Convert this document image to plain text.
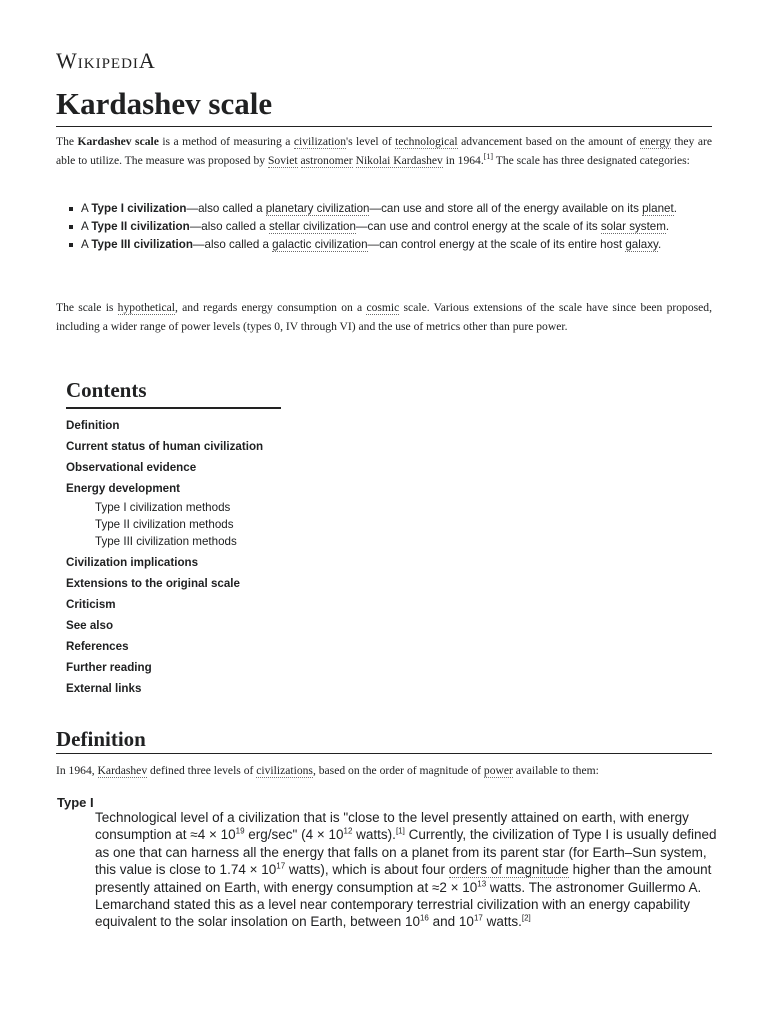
WikipediA
Kardashev scale

The Kardashev scale is a method of measuring a civilization's level of technological advancement based on the amount of energy they are able to utilize. The measure was proposed by Soviet astronomer Nikolai Kardashev in 1964.[1] The scale has three designated categories:

A Type I civilization—also called a planetary civilization—can use and store all of the energy available on its planet.
A Type II civilization—also called a stellar civilization—can use and control energy at the scale of its solar system.
A Type III civilization—also called a galactic civilization—can control energy at the scale of its entire host galaxy.

The scale is hypothetical, and regards energy consumption on a cosmic scale. Various extensions of the scale have since been proposed, including a wider range of power levels (types 0, IV through VI) and the use of metrics other than pure power.

Contents
Definition
Current status of human civilization
Observational evidence
Energy development
Type I civilization methods
Type II civilization methods
Type III civilization methods
Civilization implications
Extensions to the original scale
Criticism
See also
References
Further reading
External links
Definition

In 1964, Kardashev defined three levels of civilizations, based on the order of magnitude of power available to them:

Type I

Technological level of a civilization that is "close to the level presently attained on earth, with energy consumption at $\approx 4 \times 10^{19}$ erg/sec" ($4 \times 10^{12}$ watts).[1] Currently, the civilization of Type I is usually defined as one that can harness all the energy that falls on a planet from its parent star (for Earth–Sun system, this value is close to $1.74 \times 10^{17}$ watts), which is about four orders of magnitude higher than the amount presently attained on Earth, with energy consumption at $\approx 2 \times 10^{13}$ watts. The astronomer Guillermo A. Lemarchand stated this as a level near contemporary terrestrial civilization with an energy capability equivalent to the solar insolation on Earth, between $10^{16}$ and $10^{17}$ watts.[2]
